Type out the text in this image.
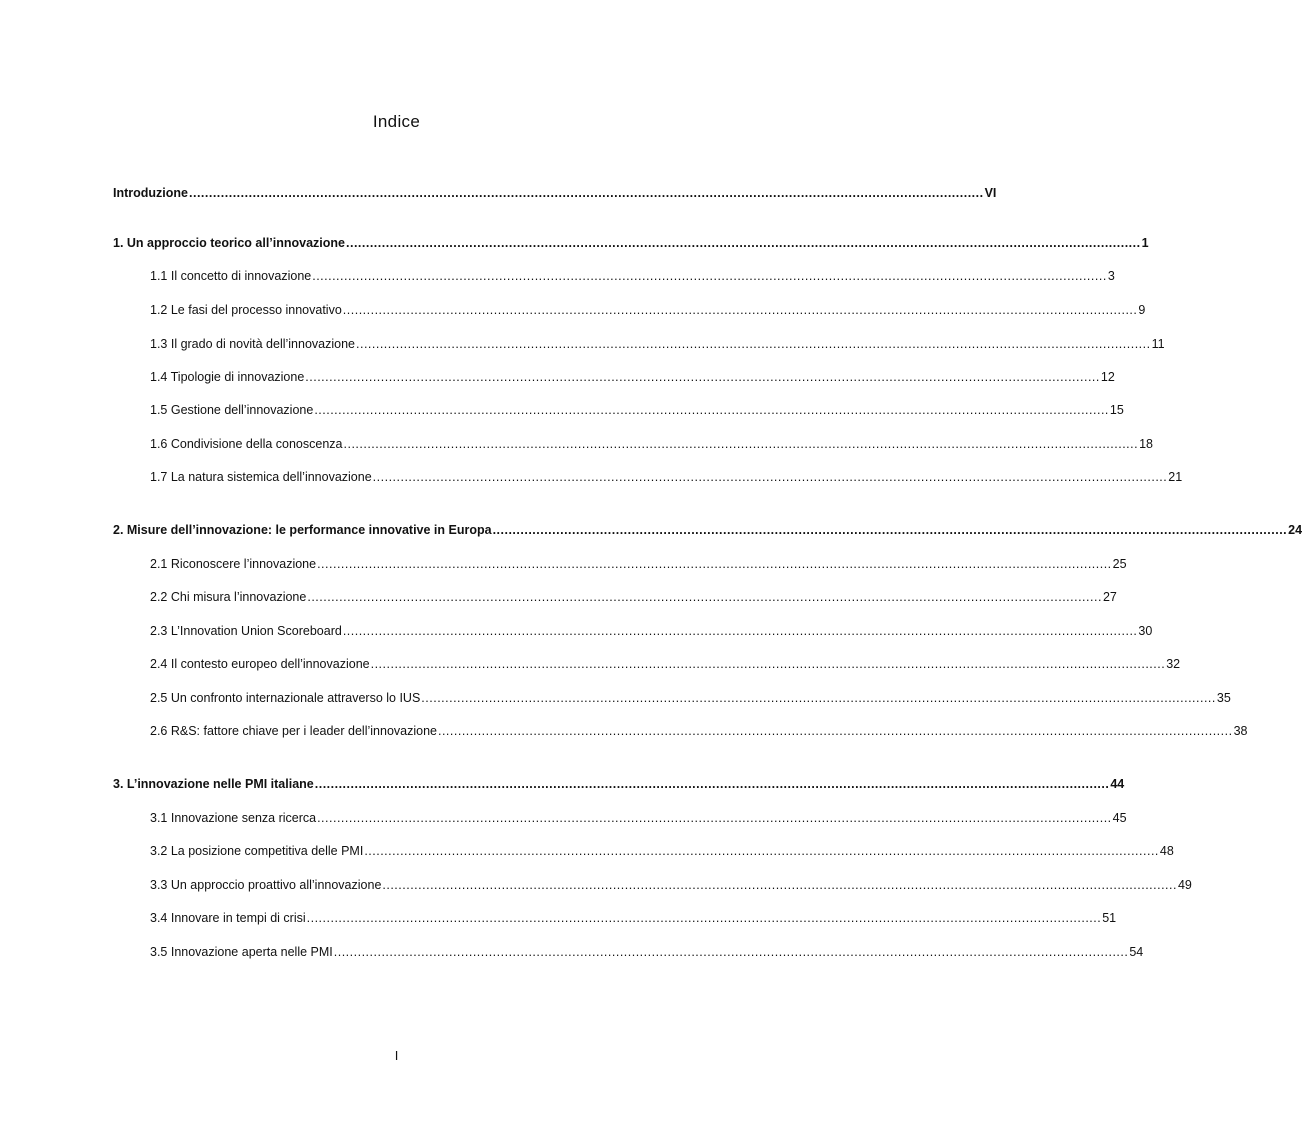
Indice
Introduzione ........................................................................................................................................................................................................ VI
1. Un approccio teorico all’innovazione ........................................................................................................................................................................................................ 1
1.1 Il concetto di innovazione ........................................................................................................................................................................................................ 3
1.2 Le fasi del processo innovativo ........................................................................................................................................................................................................ 9
1.3 Il grado di novità dell’innovazione ........................................................................................................................................................................................................ 11
1.4 Tipologie di innovazione ........................................................................................................................................................................................................ 12
1.5 Gestione dell’innovazione ........................................................................................................................................................................................................ 15
1.6 Condivisione della conoscenza ........................................................................................................................................................................................................ 18
1.7 La natura sistemica dell’innovazione ........................................................................................................................................................................................................ 21
2. Misure dell’innovazione: le performance innovative in Europa ........................................................................................................................................................................................................ 24
2.1 Riconoscere l’innovazione ........................................................................................................................................................................................................ 25
2.2 Chi misura l’innovazione ........................................................................................................................................................................................................ 27
2.3 L’Innovation Union Scoreboard ........................................................................................................................................................................................................ 30
2.4 Il contesto europeo dell’innovazione ........................................................................................................................................................................................................ 32
2.5 Un confronto internazionale attraverso lo IUS ........................................................................................................................................................................................................ 35
2.6 R&S: fattore chiave per i leader dell’innovazione ........................................................................................................................................................................................................ 38
3. L’innovazione nelle PMI italiane ........................................................................................................................................................................................................ 44
3.1 Innovazione senza ricerca ........................................................................................................................................................................................................ 45
3.2 La posizione competitiva delle PMI ........................................................................................................................................................................................................ 48
3.3 Un approccio proattivo all’innovazione ........................................................................................................................................................................................................ 49
3.4 Innovare in tempi di crisi ........................................................................................................................................................................................................ 51
3.5 Innovazione aperta nelle PMI ........................................................................................................................................................................................................ 54
I
